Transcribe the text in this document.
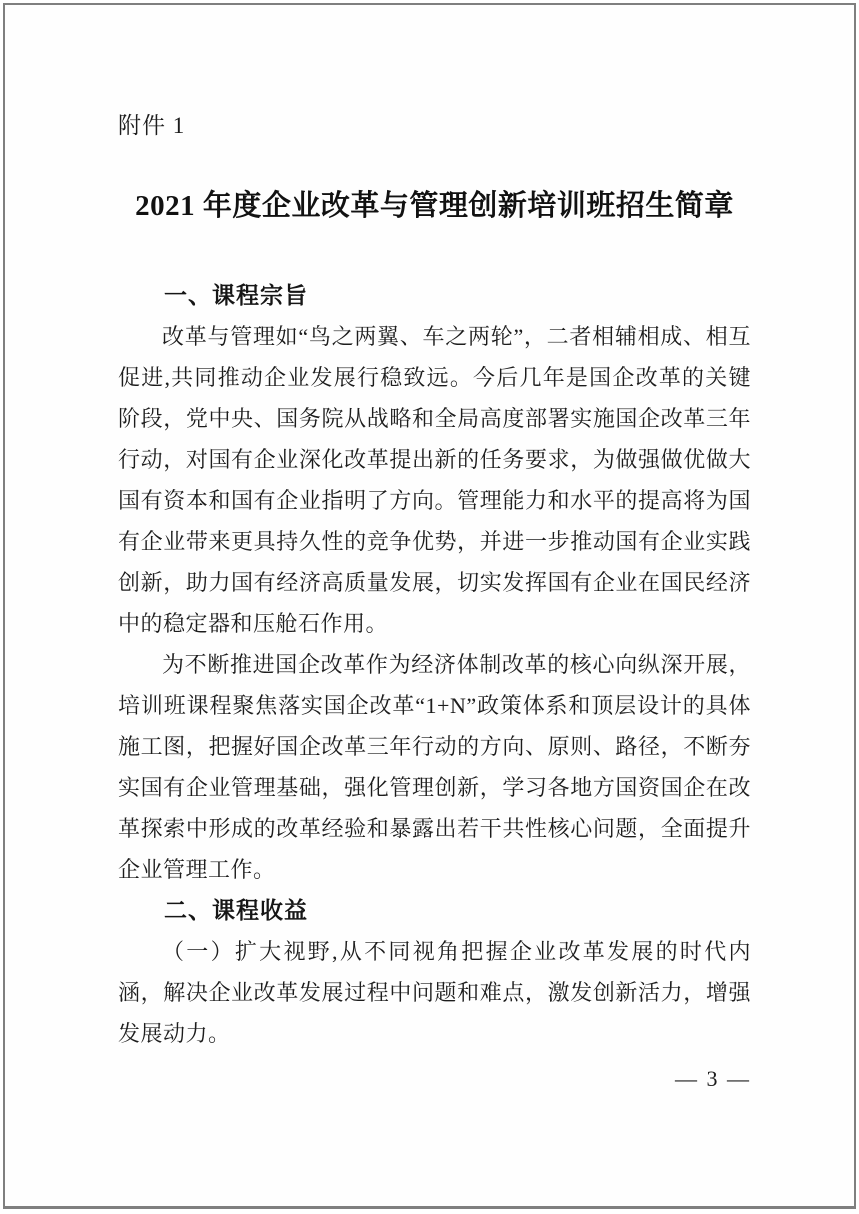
附件 1
2021 年度企业改革与管理创新培训班招生简章
一、课程宗旨

改革与管理如“鸟之两翼、车之两轮”，二者相辅相成、相互促进,共同推动企业发展行稳致远。今后几年是国企改革的关键阶段，党中央、国务院从战略和全局高度部署实施国企改革三年行动，对国有企业深化改革提出新的任务要求，为做强做优做大国有资本和国有企业指明了方向。管理能力和水平的提高将为国有企业带来更具持久性的竞争优势，并进一步推动国有企业实践创新，助力国有经济高质量发展，切实发挥国有企业在国民经济中的稳定器和压舱石作用。

为不断推进国企改革作为经济体制改革的核心向纵深开展，培训班课程聚焦落实国企改革“1+N”政策体系和顶层设计的具体施工图，把握好国企改革三年行动的方向、原则、路径，不断夯实国有企业管理基础，强化管理创新，学习各地方国资国企在改革探索中形成的改革经验和暴露出若干共性核心问题，全面提升企业管理工作。

二、课程收益

（一）扩大视野,从不同视角把握企业改革发展的时代内涵，解决企业改革发展过程中问题和难点，激发创新活力，增强发展动力。

— 3 —
